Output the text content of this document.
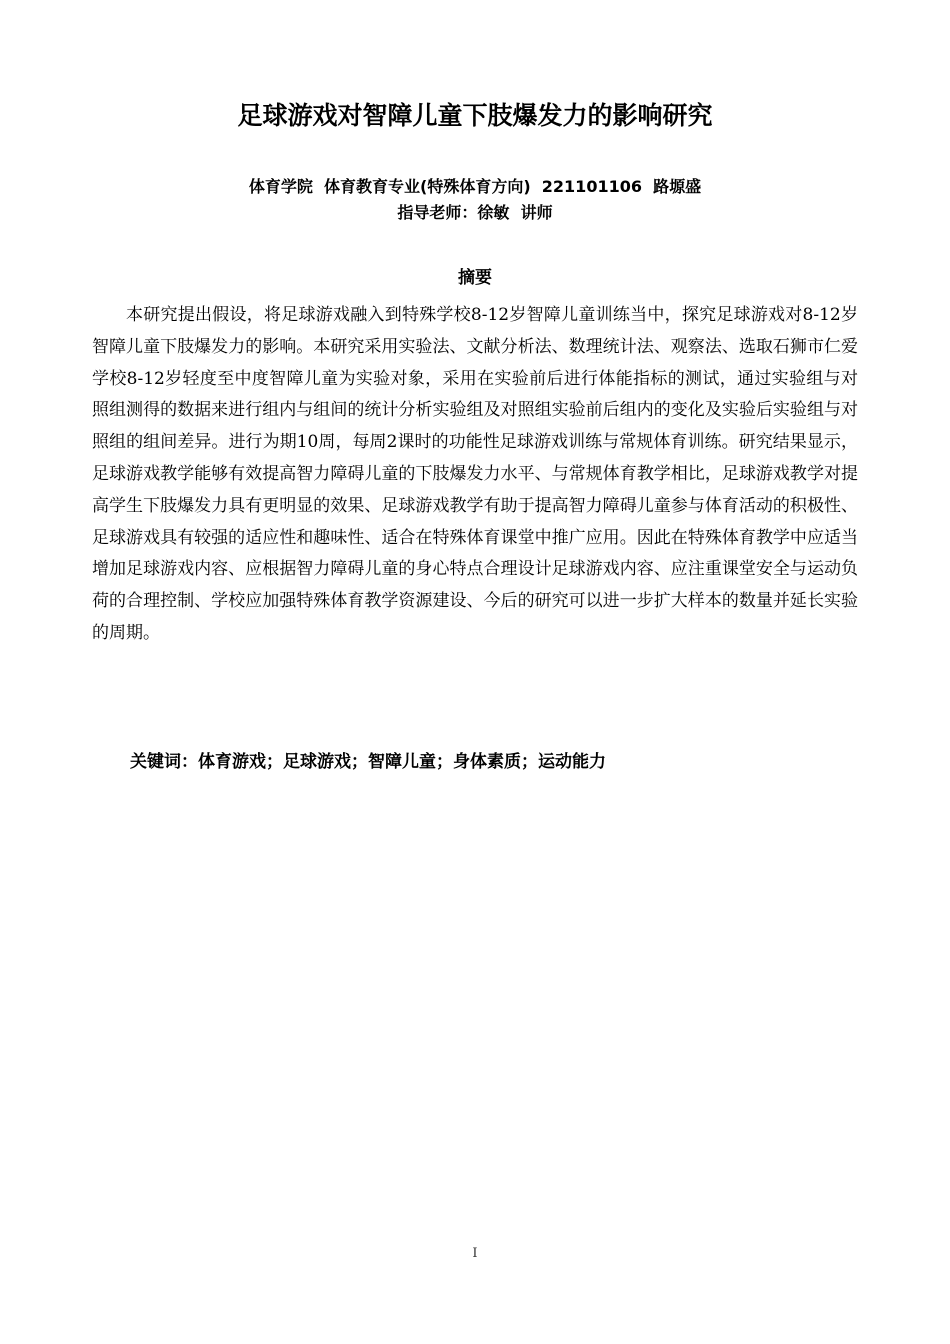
足球游戏对智障儿童下肢爆发力的影响研究

体育学院  体育教育专业(特殊体育方向)  221101106  路塬盛

指导老师：徐敏  讲师

摘要

本研究提出假设，将足球游戏融入到特殊学校8-12岁智障儿童训练当中，探究足球游戏对8-12岁智障儿童下肢爆发力的影响。本研究采用实验法、文献分析法、数理统计法、观察法、选取石狮市仁爱学校8-12岁轻度至中度智障儿童为实验对象，采用在实验前后进行体能指标的测试，通过实验组与对照组测得的数据来进行组内与组间的统计分析实验组及对照组实验前后组内的变化及实验后实验组与对照组的组间差异。进行为期10周，每周2课时的功能性足球游戏训练与常规体育训练。研究结果显示，足球游戏教学能够有效提高智力障碍儿童的下肢爆发力水平、与常规体育教学相比，足球游戏教学对提高学生下肢爆发力具有更明显的效果、足球游戏教学有助于提高智力障碍儿童参与体育活动的积极性、足球游戏具有较强的适应性和趣味性、适合在特殊体育课堂中推广应用。因此在特殊体育教学中应适当增加足球游戏内容、应根据智力障碍儿童的身心特点合理设计足球游戏内容、应注重课堂安全与运动负荷的合理控制、学校应加强特殊体育教学资源建设、今后的研究可以进一步扩大样本的数量并延长实验的周期。

关键词：体育游戏；足球游戏；智障儿童；身体素质；运动能力

I
